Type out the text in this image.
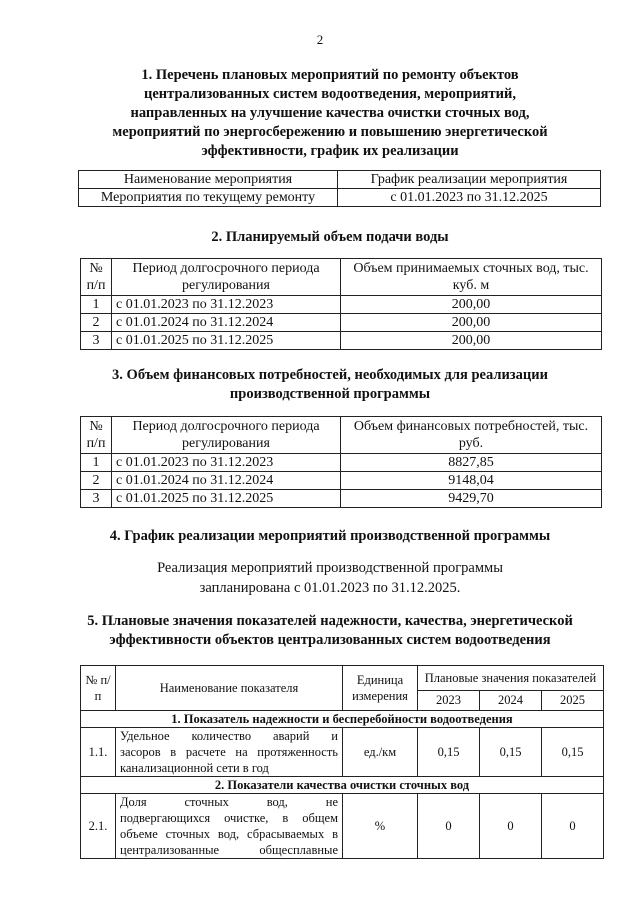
2
1. Перечень плановых мероприятий по ремонту объектов
централизованных систем водоотведения, мероприятий,
направленных на улучшение качества очистки сточных вод,
мероприятий по энергосбережению и повышению энергетической
эффективности, график их реализации
Наименование мероприятия	График реализации мероприятия
Мероприятия по текущему ремонту	с 01.01.2023 по 31.12.2025
2. Планируемый объем подачи воды
№ п/п	Период долгосрочного периода регулирования	Объем принимаемых сточных вод, тыс. куб. м
1	с 01.01.2023 по 31.12.2023	200,00
2	с 01.01.2024 по 31.12.2024	200,00
3	с 01.01.2025 по 31.12.2025	200,00
3. Объем финансовых потребностей, необходимых для реализации
производственной программы
№ п/п	Период долгосрочного периода регулирования	Объем финансовых потребностей, тыс. руб.
1	с 01.01.2023 по 31.12.2023	8827,85
2	с 01.01.2024 по 31.12.2024	9148,04
3	с 01.01.2025 по 31.12.2025	9429,70
4. График реализации мероприятий производственной программы
Реализация мероприятий производственной программы
запланирована с 01.01.2023 по 31.12.2025.
5. Плановые значения показателей надежности, качества, энергетической
эффективности объектов централизованных систем водоотведения
№ п/п	Наименование показателя	Единица измерения	Плановые значения показателей		
			2023	2024	2025
1. Показатель надежности и бесперебойности водоотведения					
1.1.	Удельное количество аварий и
засоров в расчете на протяженность
канализационной сети в год	ед./км	0,15	0,15	0,15
2. Показатели качества очистки сточных вод					
2.1.	Доля сточных вод, не
подвергающихся очистке, в общем
объеме сточных вод, сбрасываемых в
централизованные общесплавные	%	0	0	0
